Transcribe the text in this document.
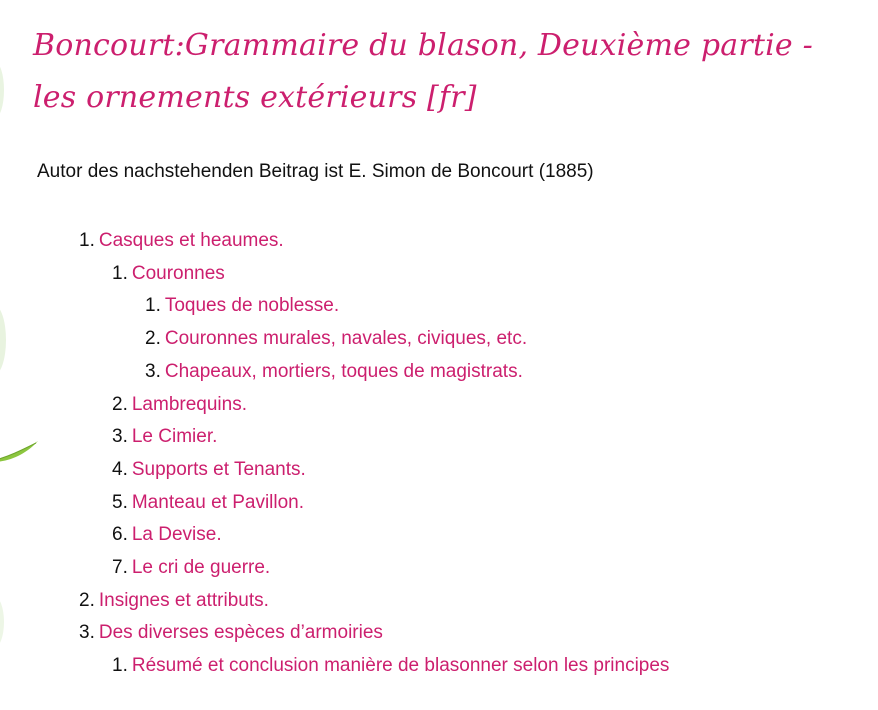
Boncourt:Grammaire du blason, Deuxième partie - les ornements extérieurs [fr]

Autor des nachstehenden Beitrag ist E. Simon de Boncourt (1885)

1. Casques et heaumes.
1. Couronnes
1. Toques de noblesse.
2. Couronnes murales, navales, civiques, etc.
3. Chapeaux, mortiers, toques de magistrats.
2. Lambrequins.
3. Le Cimier.
4. Supports et Tenants.
5. Manteau et Pavillon.
6. La Devise.
7. Le cri de guerre.
2. Insignes et attributs.
3. Des diverses espèces d’armoiries
1. Résumé et conclusion manière de blasonner selon les principes
